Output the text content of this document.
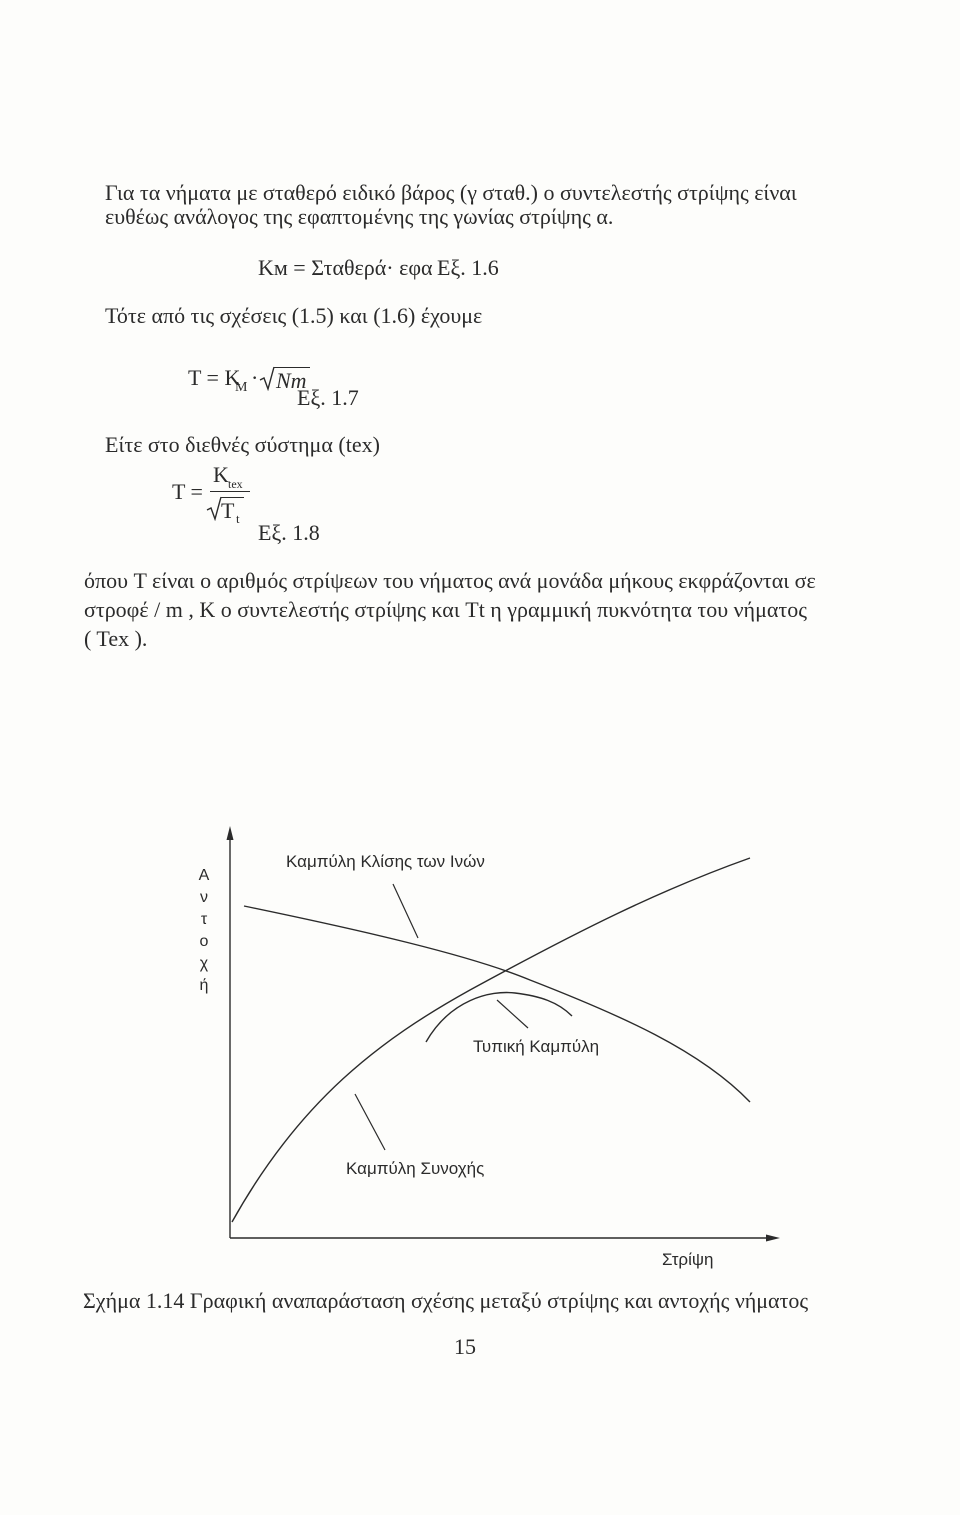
Για τα νήματα με σταθερό ειδικό βάρος (γ σταθ.) ο συντελεστής στρίψης είναι
ευθέως ανάλογος της εφαπτομένης της γωνίας στρίψης α.
Kм = Σταθερά· εφα Εξ. 1.6
Τότε από τις σχέσεις (1.5) και (1.6) έχουμε
T = K
M · Nm
Εξ. 1.7
Είτε στο διεθνές σύστημα (tex)
T =
K tex
T t
Εξ. 1.8
όπου T είναι ο αριθμός στρίψεων του νήματος ανά μονάδα μήκους εκφράζονται σε
στροφέ / m , K ο συντελεστής στρίψης και Tt η γραμμική πυκνότητα του νήματος
( Tex ).
Α
ν
τ
ο
χ
ή
Καμπύλη Κλίσης των Ινών
Τυπική Καμπύλη
Καμπύλη Συνοχής
Στρίψη
Σχήμα 1.14 Γραφική αναπαράσταση σχέσης μεταξύ στρίψης και αντοχής νήματος
15
